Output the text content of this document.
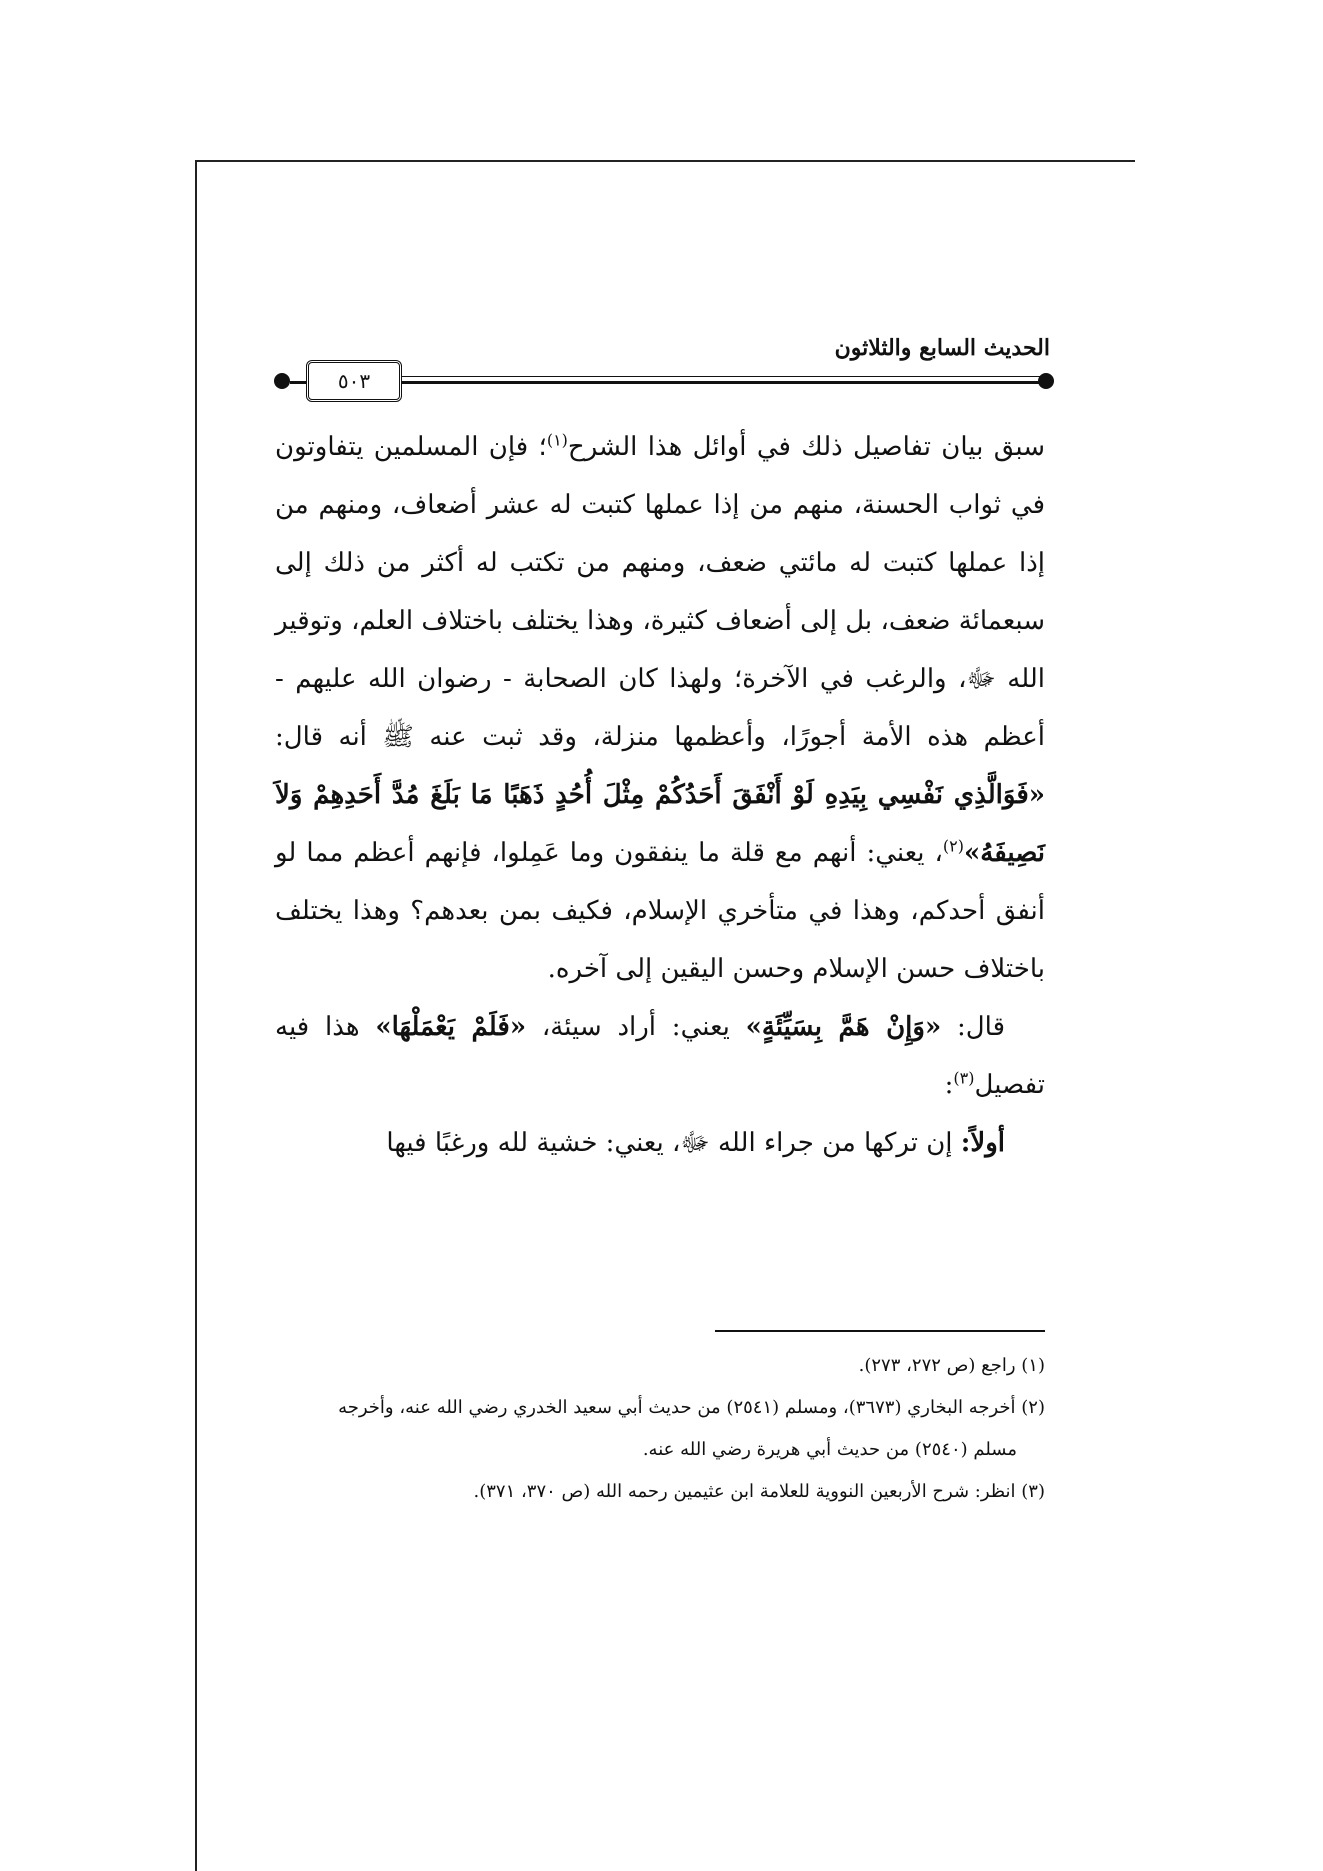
الحديث السابع والثلاثون
٥٠٣

سبق بيان تفاصيل ذلك في أوائل هذا الشرح$^{(١)}$؛ فإن المسلمين يتفاوتون في ثواب الحسنة، منهم من إذا عملها كتبت له عشر أضعاف، ومنهم من إذا عملها كتبت له مائتي ضعف، ومنهم من تكتب له أكثر من ذلك إلى سبعمائة ضعف، بل إلى أضعاف كثيرة، وهذا يختلف باختلاف العلم، وتوقير الله ﷻ، والرغب في الآخرة؛ ولهذا كان الصحابة - رضوان الله عليهم - أعظم هذه الأمة أجورًا، وأعظمها منزلة، وقد ثبت عنه ﷺ أنه قال: «فَوَالَّذِي نَفْسِي بِيَدِهِ لَوْ أَنْفَقَ أَحَدُكُمْ مِثْلَ أُحُدٍ ذَهَبًا مَا بَلَغَ مُدَّ أَحَدِهِمْ وَلاَ نَصِيفَهُ»$^{(٢)}$، يعني: أنهم مع قلة ما ينفقون وما عَمِلوا، فإنهم أعظم مما لو أنفق أحدكم، وهذا في متأخري الإسلام، فكيف بمن بعدهم؟ وهذا يختلف باختلاف حسن الإسلام وحسن اليقين إلى آخره.

قال: «وَإِنْ هَمَّ بِسَيِّئَةٍ» يعني: أراد سيئة، «فَلَمْ يَعْمَلْهَا» هذا فيه تفصيل$^{(٣)}$:

أولاً: إن تركها من جراء الله ﷻ، يعني: خشية لله ورغبًا فيها

(١) راجع (ص ٢٧٢، ٢٧٣).

(٢) أخرجه البخاري (٣٦٧٣)، ومسلم (٢٥٤١) من حديث أبي سعيد الخدري رضي الله عنه، وأخرجه

مسلم (٢٥٤٠) من حديث أبي هريرة رضي الله عنه.

(٣) انظر: شرح الأربعين النووية للعلامة ابن عثيمين رحمه الله (ص ٣٧٠، ٣٧١).
